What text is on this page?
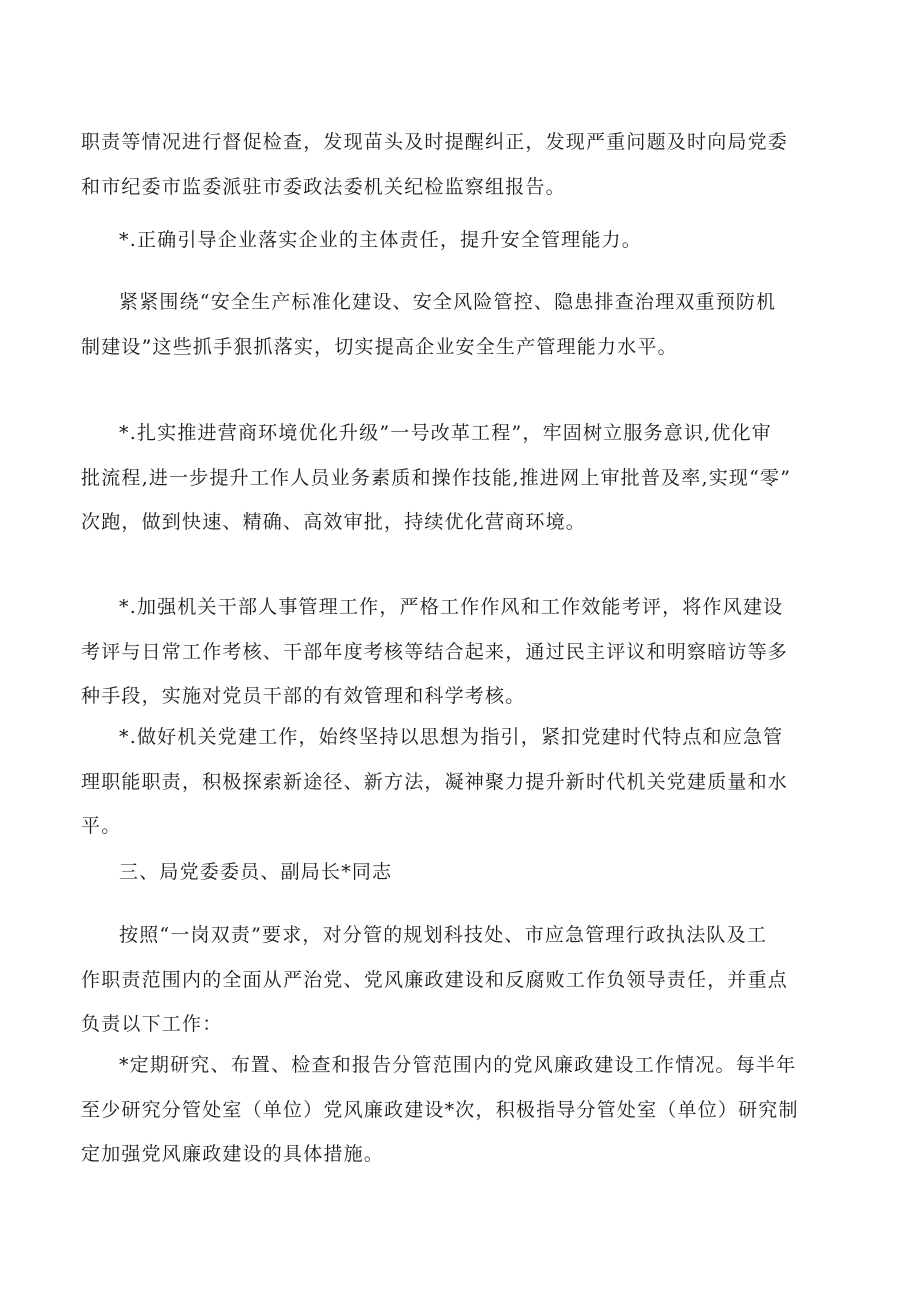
职责等情况进行督促检查，发现苗头及时提醒纠正，发现严重问题及时向局党委
和市纪委市监委派驻市委政法委机关纪检监察组报告。
*.正确引导企业落实企业的主体责任，提升安全管理能力。
紧紧围绕“安全生产标准化建设、安全风险管控、隐患排查治理双重预防机
制建设”这些抓手狠抓落实，切实提高企业安全生产管理能力水平。
*.扎实推进营商环境优化升级”一号改革工程”，牢固树立服务意识,优化审
批流程,进一步提升工作人员业务素质和操作技能,推进网上审批普及率,实现“零”
次跑，做到快速、精确、高效审批，持续优化营商环境。
*.加强机关干部人事管理工作，严格工作作风和工作效能考评，将作风建设
考评与日常工作考核、干部年度考核等结合起来，通过民主评议和明察暗访等多
种手段，实施对党员干部的有效管理和科学考核。
*.做好机关党建工作，始终坚持以思想为指引，紧扣党建时代特点和应急管
理职能职责，积极探索新途径、新方法，凝神聚力提升新时代机关党建质量和水
平。
三、局党委委员、副局长*同志
按照“一岗双责”要求，对分管的规划科技处、市应急管理行政执法队及工
作职责范围内的全面从严治党、党风廉政建设和反腐败工作负领导责任，并重点
负责以下工作：
*定期研究、布置、检查和报告分管范围内的党风廉政建设工作情况。每半年
至少研究分管处室（单位）党风廉政建设*次，积极指导分管处室（单位）研究制
定加强党风廉政建设的具体措施。
